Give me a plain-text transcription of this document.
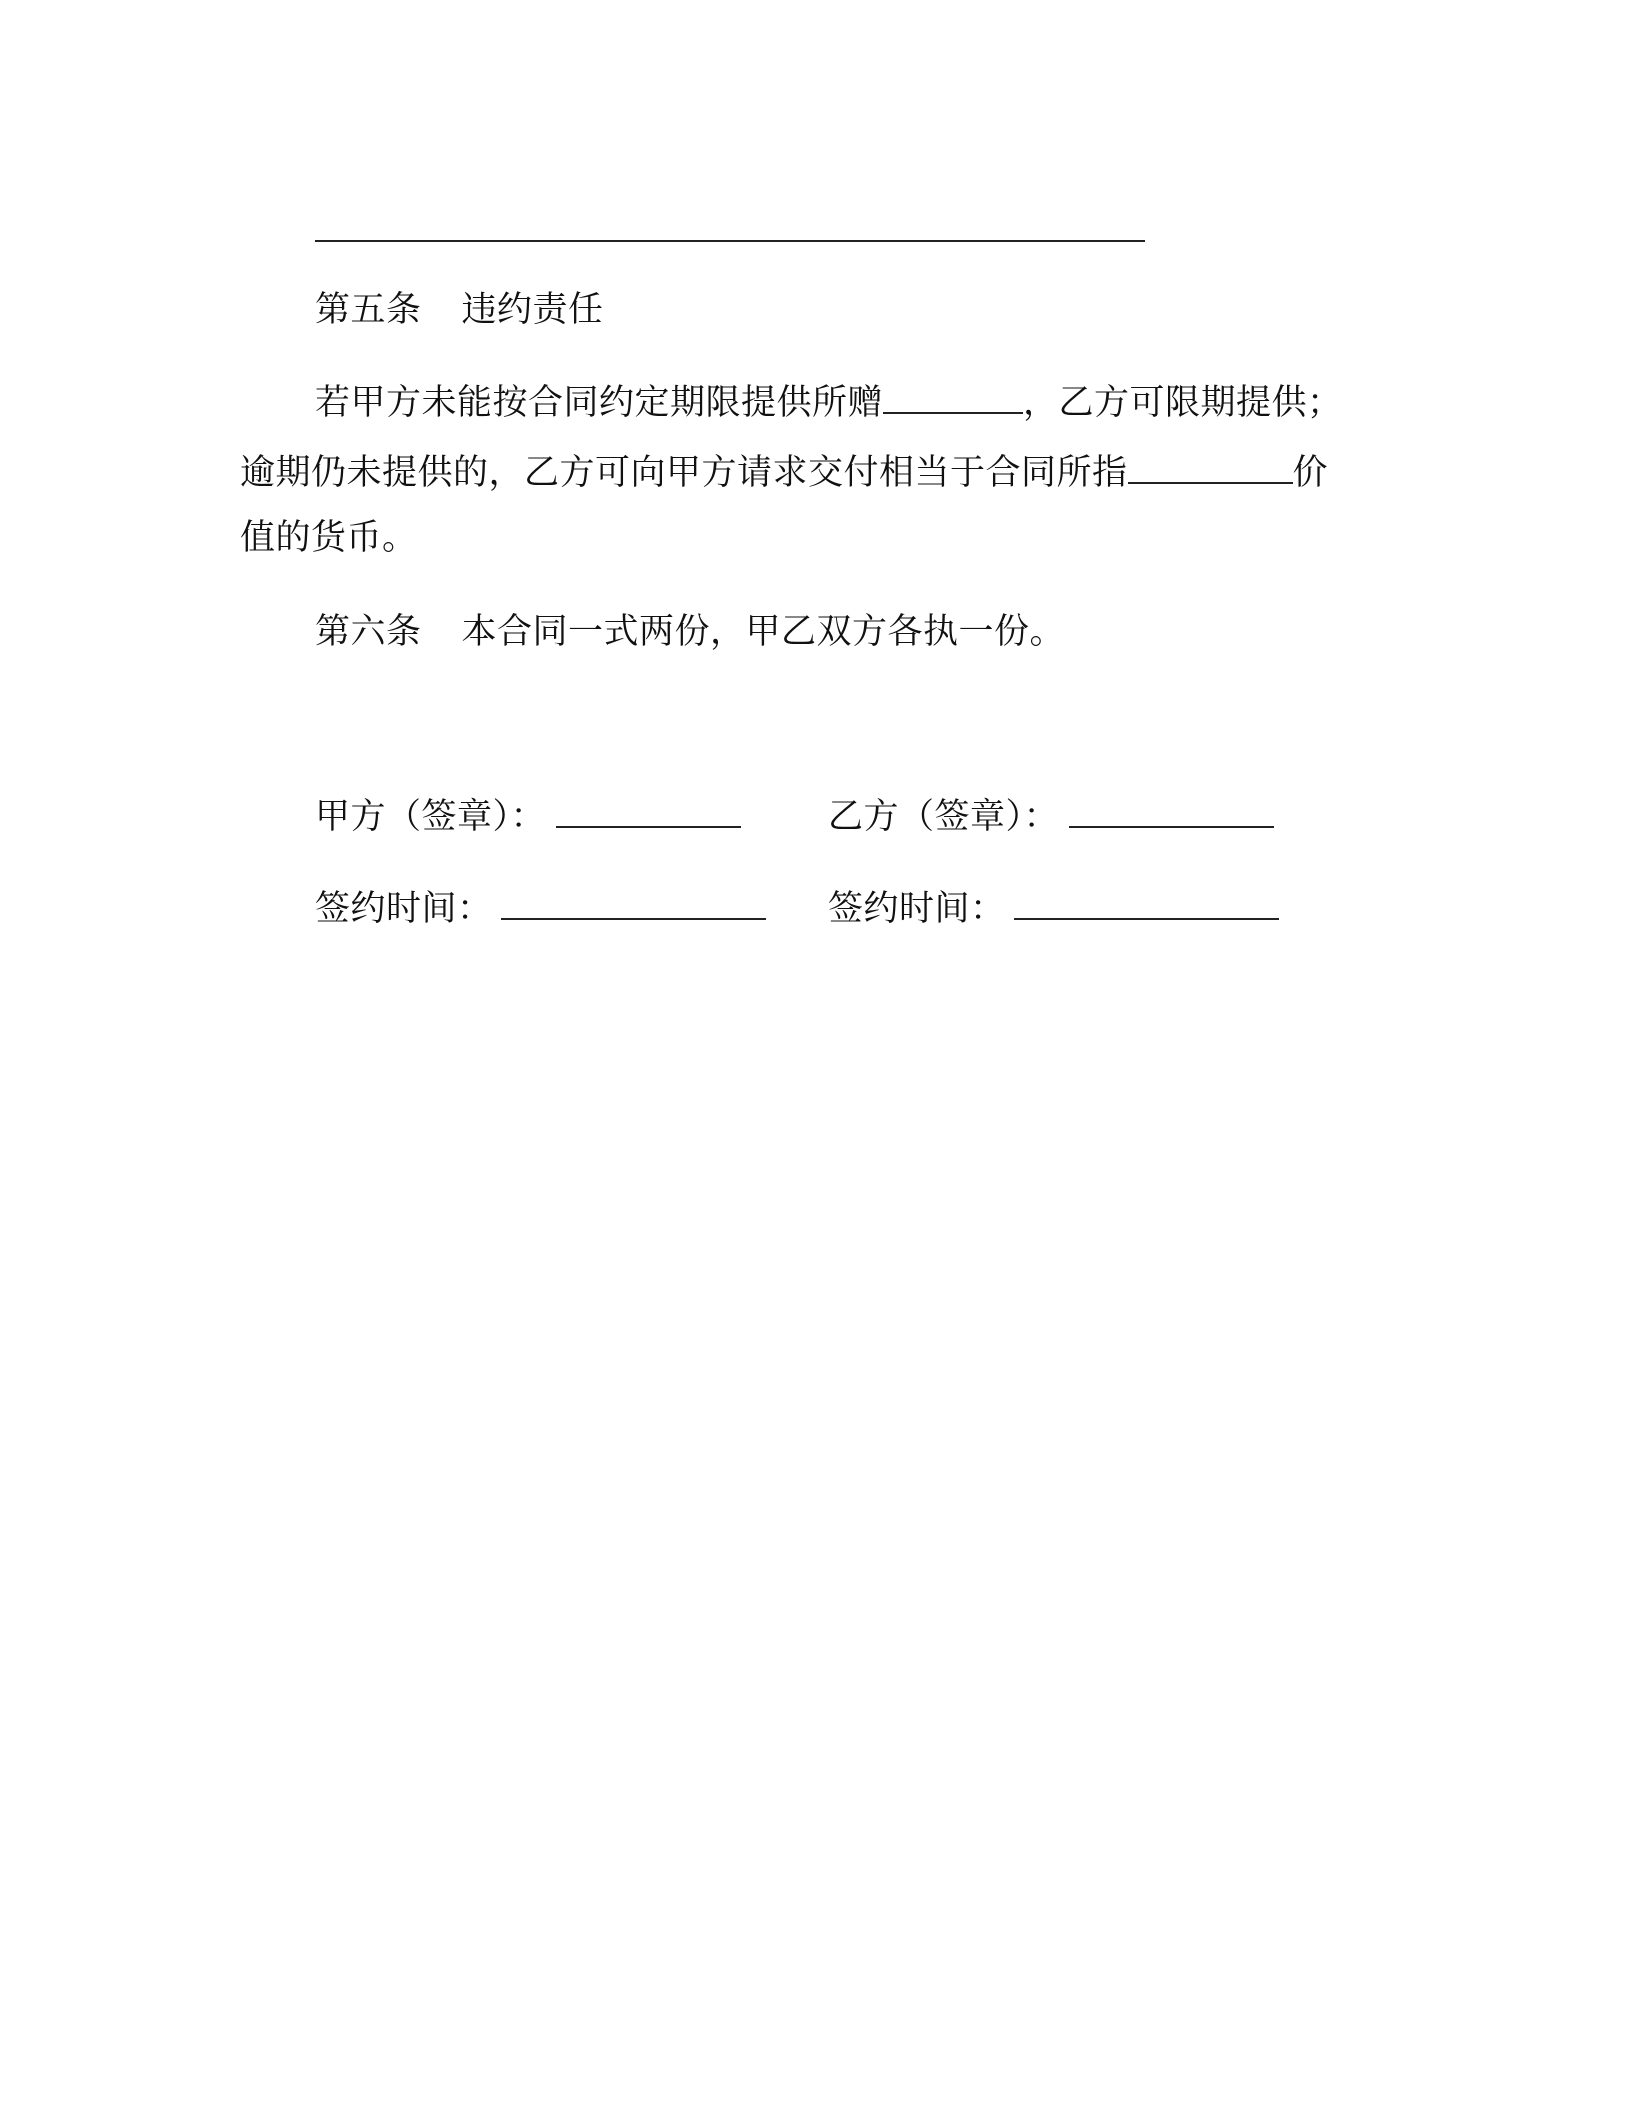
第五条 违约责任
若甲方未能按合同约定期限提供所赠	，乙方可限期提供；
逾期仍未提供的，乙方可向甲方请求交付相当于合同所指	价
值的货币。
第六条 本合同一式两份，甲乙双方各执一份。
甲方（签章）：	乙方（签章）：
签约时间：	签约时间：
